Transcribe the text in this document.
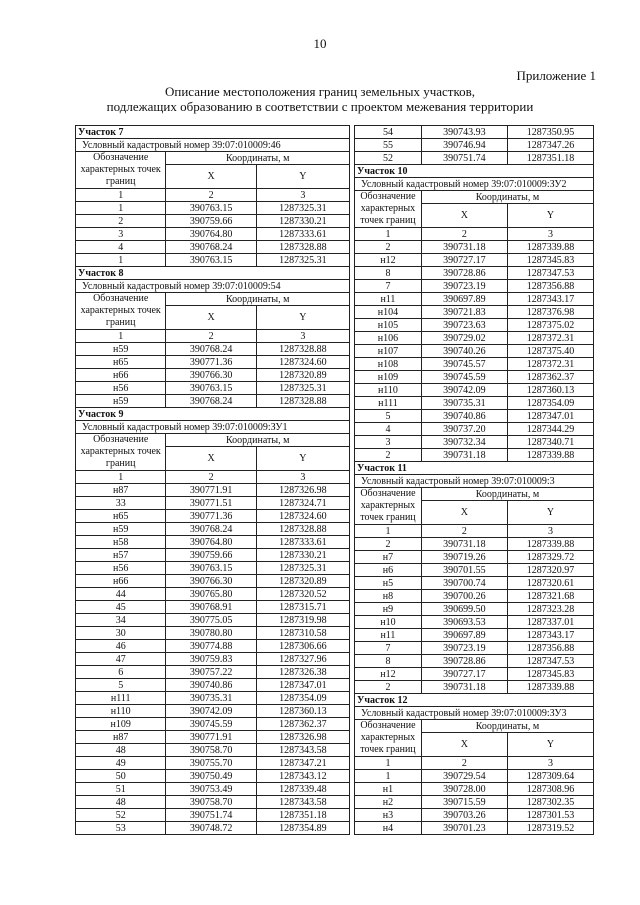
10
Приложение 1
Описание местоположения границ земельных участков,
подлежащих образованию в соответствии с проектом межевания территории
Участок 7		
Условный кадастровый номер 39:07:010009:46		
Обозначение характерных точек границ	Координаты, м	
	X	Y
1	2	3
1	390763.15	1287325.31
2	390759.66	1287330.21
3	390764.80	1287333.61
4	390768.24	1287328.88
1	390763.15	1287325.31
Участок 8		
Условный кадастровый номер 39:07:010009:54		
Обозначение характерных точек границ	Координаты, м	
	X	Y
1	2	3
н59	390768.24	1287328.88
н65	390771.36	1287324.60
н66	390766.30	1287320.89
н56	390763.15	1287325.31
н59	390768.24	1287328.88
Участок 9		
Условный кадастровый номер 39:07:010009:ЗУ1		
Обозначение характерных точек границ	Координаты, м	
	X	Y
1	2	3
н87	390771.91	1287326.98
33	390771.51	1287324.71
н65	390771.36	1287324.60
н59	390768.24	1287328.88
н58	390764.80	1287333.61
н57	390759.66	1287330.21
н56	390763.15	1287325.31
н66	390766.30	1287320.89
44	390765.80	1287320.52
45	390768.91	1287315.71
34	390775.05	1287319.98
30	390780.80	1287310.58
46	390774.88	1287306.66
47	390759.83	1287327.96
6	390757.22	1287326.38
5	390740.86	1287347.01
н111	390735.31	1287354.09
н110	390742.09	1287360.13
н109	390745.59	1287362.37
н87	390771.91	1287326.98
48	390758.70	1287343.58
49	390755.70	1287347.21
50	390750.49	1287343.12
51	390753.49	1287339.48
48	390758.70	1287343.58
52	390751.74	1287351.18
53	390748.72	1287354.89
54	390743.93	1287350.95
55	390746.94	1287347.26
52	390751.74	1287351.18
Участок 10		
Условный кадастровый номер 39:07:010009:ЗУ2		
Обозначение характерных точек границ	Координаты, м	
	X	Y
1	2	3
2	390731.18	1287339.88
н12	390727.17	1287345.83
8	390728.86	1287347.53
7	390723.19	1287356.88
н11	390697.89	1287343.17
н104	390721.83	1287376.98
н105	390723.63	1287375.02
н106	390729.02	1287372.31
н107	390740.26	1287375.40
н108	390745.57	1287372.31
н109	390745.59	1287362.37
н110	390742.09	1287360.13
н111	390735.31	1287354.09
5	390740.86	1287347.01
4	390737.20	1287344.29
3	390732.34	1287340.71
2	390731.18	1287339.88
Участок 11		
Условный кадастровый номер 39:07:010009:3		
Обозначение характерных точек границ	Координаты, м	
	X	Y
1	2	3
2	390731.18	1287339.88
н7	390719.26	1287329.72
н6	390701.55	1287320.97
н5	390700.74	1287320.61
н8	390700.26	1287321.68
н9	390699.50	1287323.28
н10	390693.53	1287337.01
н11	390697.89	1287343.17
7	390723.19	1287356.88
8	390728.86	1287347.53
н12	390727.17	1287345.83
2	390731.18	1287339.88
Участок 12		
Условный кадастровый номер 39:07:010009:ЗУ3		
Обозначение характерных точек границ	Координаты, м	
	X	Y
1	2	3
1	390729.54	1287309.64
н1	390728.00	1287308.96
н2	390715.59	1287302.35
н3	390703.26	1287301.53
н4	390701.23	1287319.52
